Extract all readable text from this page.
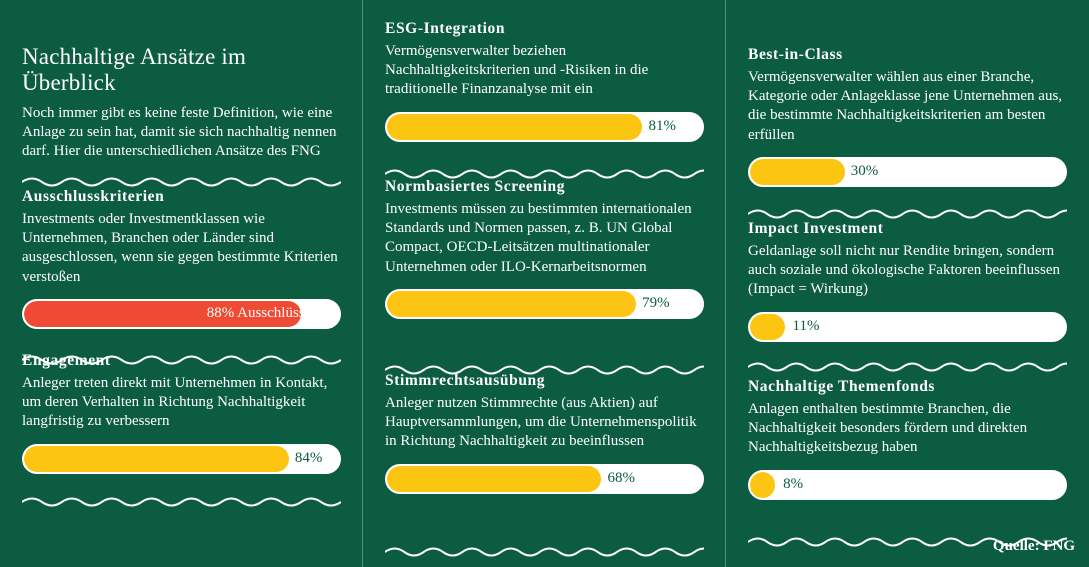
Nachhaltige Ansätze im Überblick

Noch immer gibt es keine feste Definition, wie eine Anlage zu sein hat, damit sie sich nachhaltig nennen darf. Hier die unterschiedlichen Ansätze des FNG

Ausschlusskriterien

Investments oder Investmentklassen wie Unternehmen, Branchen oder Länder sind ausgeschlossen, wenn sie gegen bestimmte Kriterien verstoßen

88% Ausschlüsse
Engagement

Anleger treten direkt mit Unternehmen in Kontakt, um deren Verhalten in Richtung Nachhaltigkeit langfristig zu verbessern

84%
ESG-Integration

Vermögensverwalter beziehen Nachhaltigkeitskriterien und -Risiken in die traditionelle Finanzanalyse mit ein

81%
Normbasiertes Screening

Investments müssen zu bestimmten internationalen Standards und Normen passen, z. B. UN Global Compact, OECD-Leitsätzen multinationaler Unternehmen oder ILO-Kernarbeitsnormen

79%
Stimmrechtsausübung

Anleger nutzen Stimmrechte (aus Aktien) auf Hauptversammlungen, um die Unternehmenspolitik in Richtung Nachhaltigkeit zu beeinflussen

68%
Best-in-Class

Vermögensverwalter wählen aus einer Branche, Kategorie oder Anlageklasse jene Unternehmen aus, die bestimmte Nachhaltigkeitskriterien am besten erfüllen

30%
Impact Investment

Geldanlage soll nicht nur Rendite bringen, sondern auch soziale und ökologische Faktoren beeinflussen (Impact = Wirkung)

11%
Nachhaltige Themenfonds

Anlagen enthalten bestimmte Branchen, die Nachhaltigkeit besonders fördern und direkten Nachhaltigkeitsbezug haben

8%
Quelle: FNG
